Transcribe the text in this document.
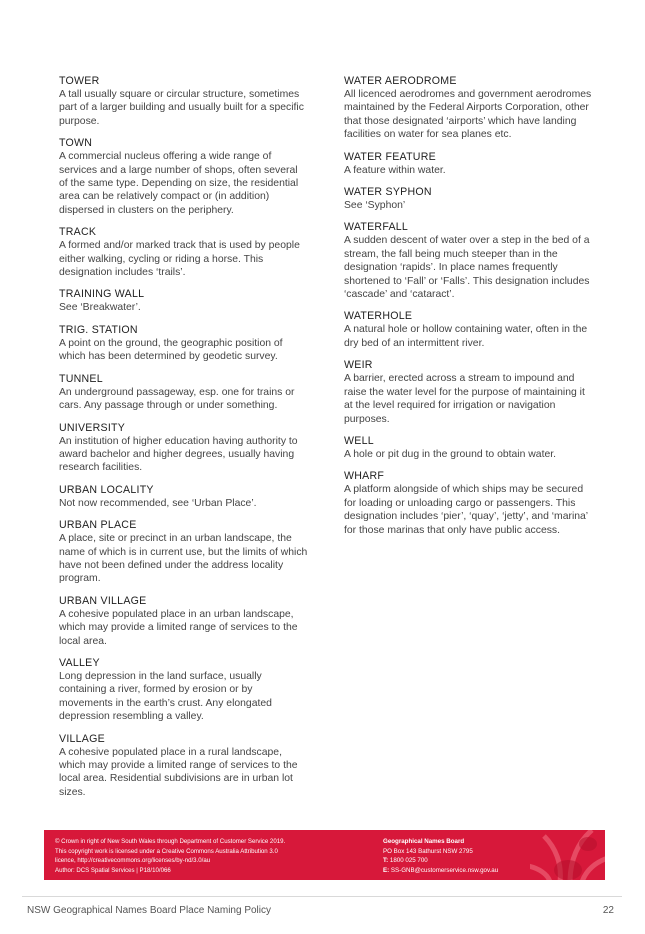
TOWER

A tall usually square or circular structure, sometimes part of a larger building and usually built for a specific purpose.

TOWN

A commercial nucleus offering a wide range of services and a large number of shops, often several of the same type. Depending on size, the residential area can be relatively compact or (in addition) dispersed in clusters on the periphery.

TRACK

A formed and/or marked track that is used by people either walking, cycling or riding a horse. This designation includes ‘trails’.

TRAINING WALL

See ‘Breakwater’.

TRIG. STATION

A point on the ground, the geographic position of which has been determined by geodetic survey.

TUNNEL

An underground passageway, esp. one for trains or cars. Any passage through or under something.

UNIVERSITY

An institution of higher education having authority to award bachelor and higher degrees, usually having research facilities.

URBAN LOCALITY

Not now recommended, see ‘Urban Place’.

URBAN PLACE

A place, site or precinct in an urban landscape, the name of which is in current use, but the limits of which have not been defined under the address locality program.

URBAN VILLAGE

A cohesive populated place in an urban landscape, which may provide a limited range of services to the local area.

VALLEY

Long depression in the land surface, usually containing a river, formed by erosion or by movements in the earth’s crust. Any elongated depression resembling a valley.

VILLAGE

A cohesive populated place in a rural landscape, which may provide a limited range of services to the local area. Residential subdivisions are in urban lot sizes.

WATER AERODROME

All licenced aerodromes and government aerodromes maintained by the Federal Airports Corporation, other that those designated ‘airports’ which have landing facilities on water for sea planes etc.

WATER FEATURE

A feature within water.

WATER SYPHON

See ‘Syphon’

WATERFALL

A sudden descent of water over a step in the bed of a stream, the fall being much steeper than in the designation ‘rapids’. In place names frequently shortened to ‘Fall’ or ‘Falls’. This designation includes ‘cascade’ and ‘cataract’.

WATERHOLE

A natural hole or hollow containing water, often in the dry bed of an intermittent river.

WEIR

A barrier, erected across a stream to impound and raise the water level for the purpose of maintaining it at the level required for irrigation or navigation purposes.

WELL

A hole or pit dug in the ground to obtain water.

WHARF

A platform alongside of which ships may be secured for loading or unloading cargo or passengers. This designation includes ‘pier’, ‘quay’, ‘jetty’, and ‘marina’ for those marinas that only have public access.

© Crown in right of New South Wales through Department of Customer Service 2019.
This copyright work is licensed under a Creative Commons Australia Attribution 3.0
licence, http://creativecommons.org/licenses/by-nd/3.0/au
Author: DCS Spatial Services | P18/10/066
Geographical Names Board
PO Box 143 Bathurst NSW 2795
T: 1800 025 700
E: SS-GNB@customerservice.nsw.gov.au
NSW Geographical Names Board Place Naming Policy	22
